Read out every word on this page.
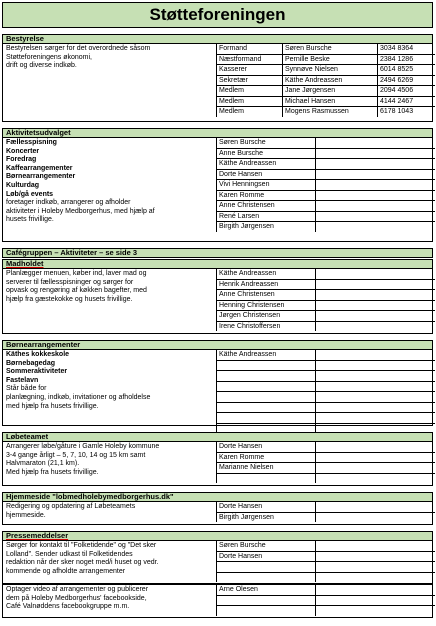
Støtteforeningen
Bestyrelse
Bestyrelsen sørger for det overordnede såsom
Støtteforeningens økonomi,
drift og diverse indkøb.
Formand	Søren Bursche	3034 8364
Næstformand	Pernille Beske	2384 1286
Kasserer	Synnøve Nielsen	6014 8525
Sekretær	Käthe Andreassen	2494 6269
Medlem	Jane Jørgensen	2094 4506
Medlem	Michael Hansen	4144 2467
Medlem	Mogens Rasmussen	6178 1043
Aktivitetsudvalget
Fællesspisning
Koncerter
Foredrag
Kaffearrangementer
Børnearrangementer
Kulturdag
Løb/gå events
foretager indkøb, arrangerer og afholder
aktiviteter i Holeby Medborgerhus, med hjælp af
husets frivillige.
Søren Bursche
Anne Bursche
Käthe Andreassen
Dorte Hansen
Vivi Henningsen
Karen Romme
Anne Christensen
René Larsen
Birgith Jørgensen
Cafégruppen – Aktiviteter – se side 3
Madholdet
Planlægger menuen, køber ind, laver mad og
serverer til fællesspisninger og sørger for
opvask og rengøring af køkken bagefter, med
hjælp fra gæstekokke og husets frivillige.
Käthe Andreassen
Henrik Andreassen
Anne Christensen
Henning Christensen
Jørgen Christensen
Irene Christoffersen
Børnearrangementer
Käthes kokkeskole
Børnebagedag
Sommeraktiviteter
Fastelavn
Står både for
planlægning, indkøb, invitationer og afholdelse
med hjælp fra husets frivillige.
Käthe Andreassen
Løbeteamet
Arrangerer løbe/gåture i Gamle Holeby kommune
3-4 gange årligt – 5, 7, 10, 14 og 15 km samt
Halvmaraton (21,1 km).
Med hjælp fra husets frivillige.
Dorte Hansen
Karen Romme
Marianne Nielsen
Hjemmeside "lobmedholebymedborgerhus.dk"
Redigering og opdatering af Løbeteamets
hjemmeside.
Dorte Hansen
Birgith Jørgensen
Pressemeddelser
Sørger for kontakt til "Folketidende" og "Det sker
Lolland". Sender udkast til Folketidendes
redaktion når der sker noget med/i huset og vedr.
kommende og afholdte arrangementer
Søren Bursche
Dorte Hansen
Optager video af arrangementer og publicerer
dem på Holeby Medborgerhus' facebookside,
Café Valnøddens facebookgruppe m.m.
Arne Olesen
